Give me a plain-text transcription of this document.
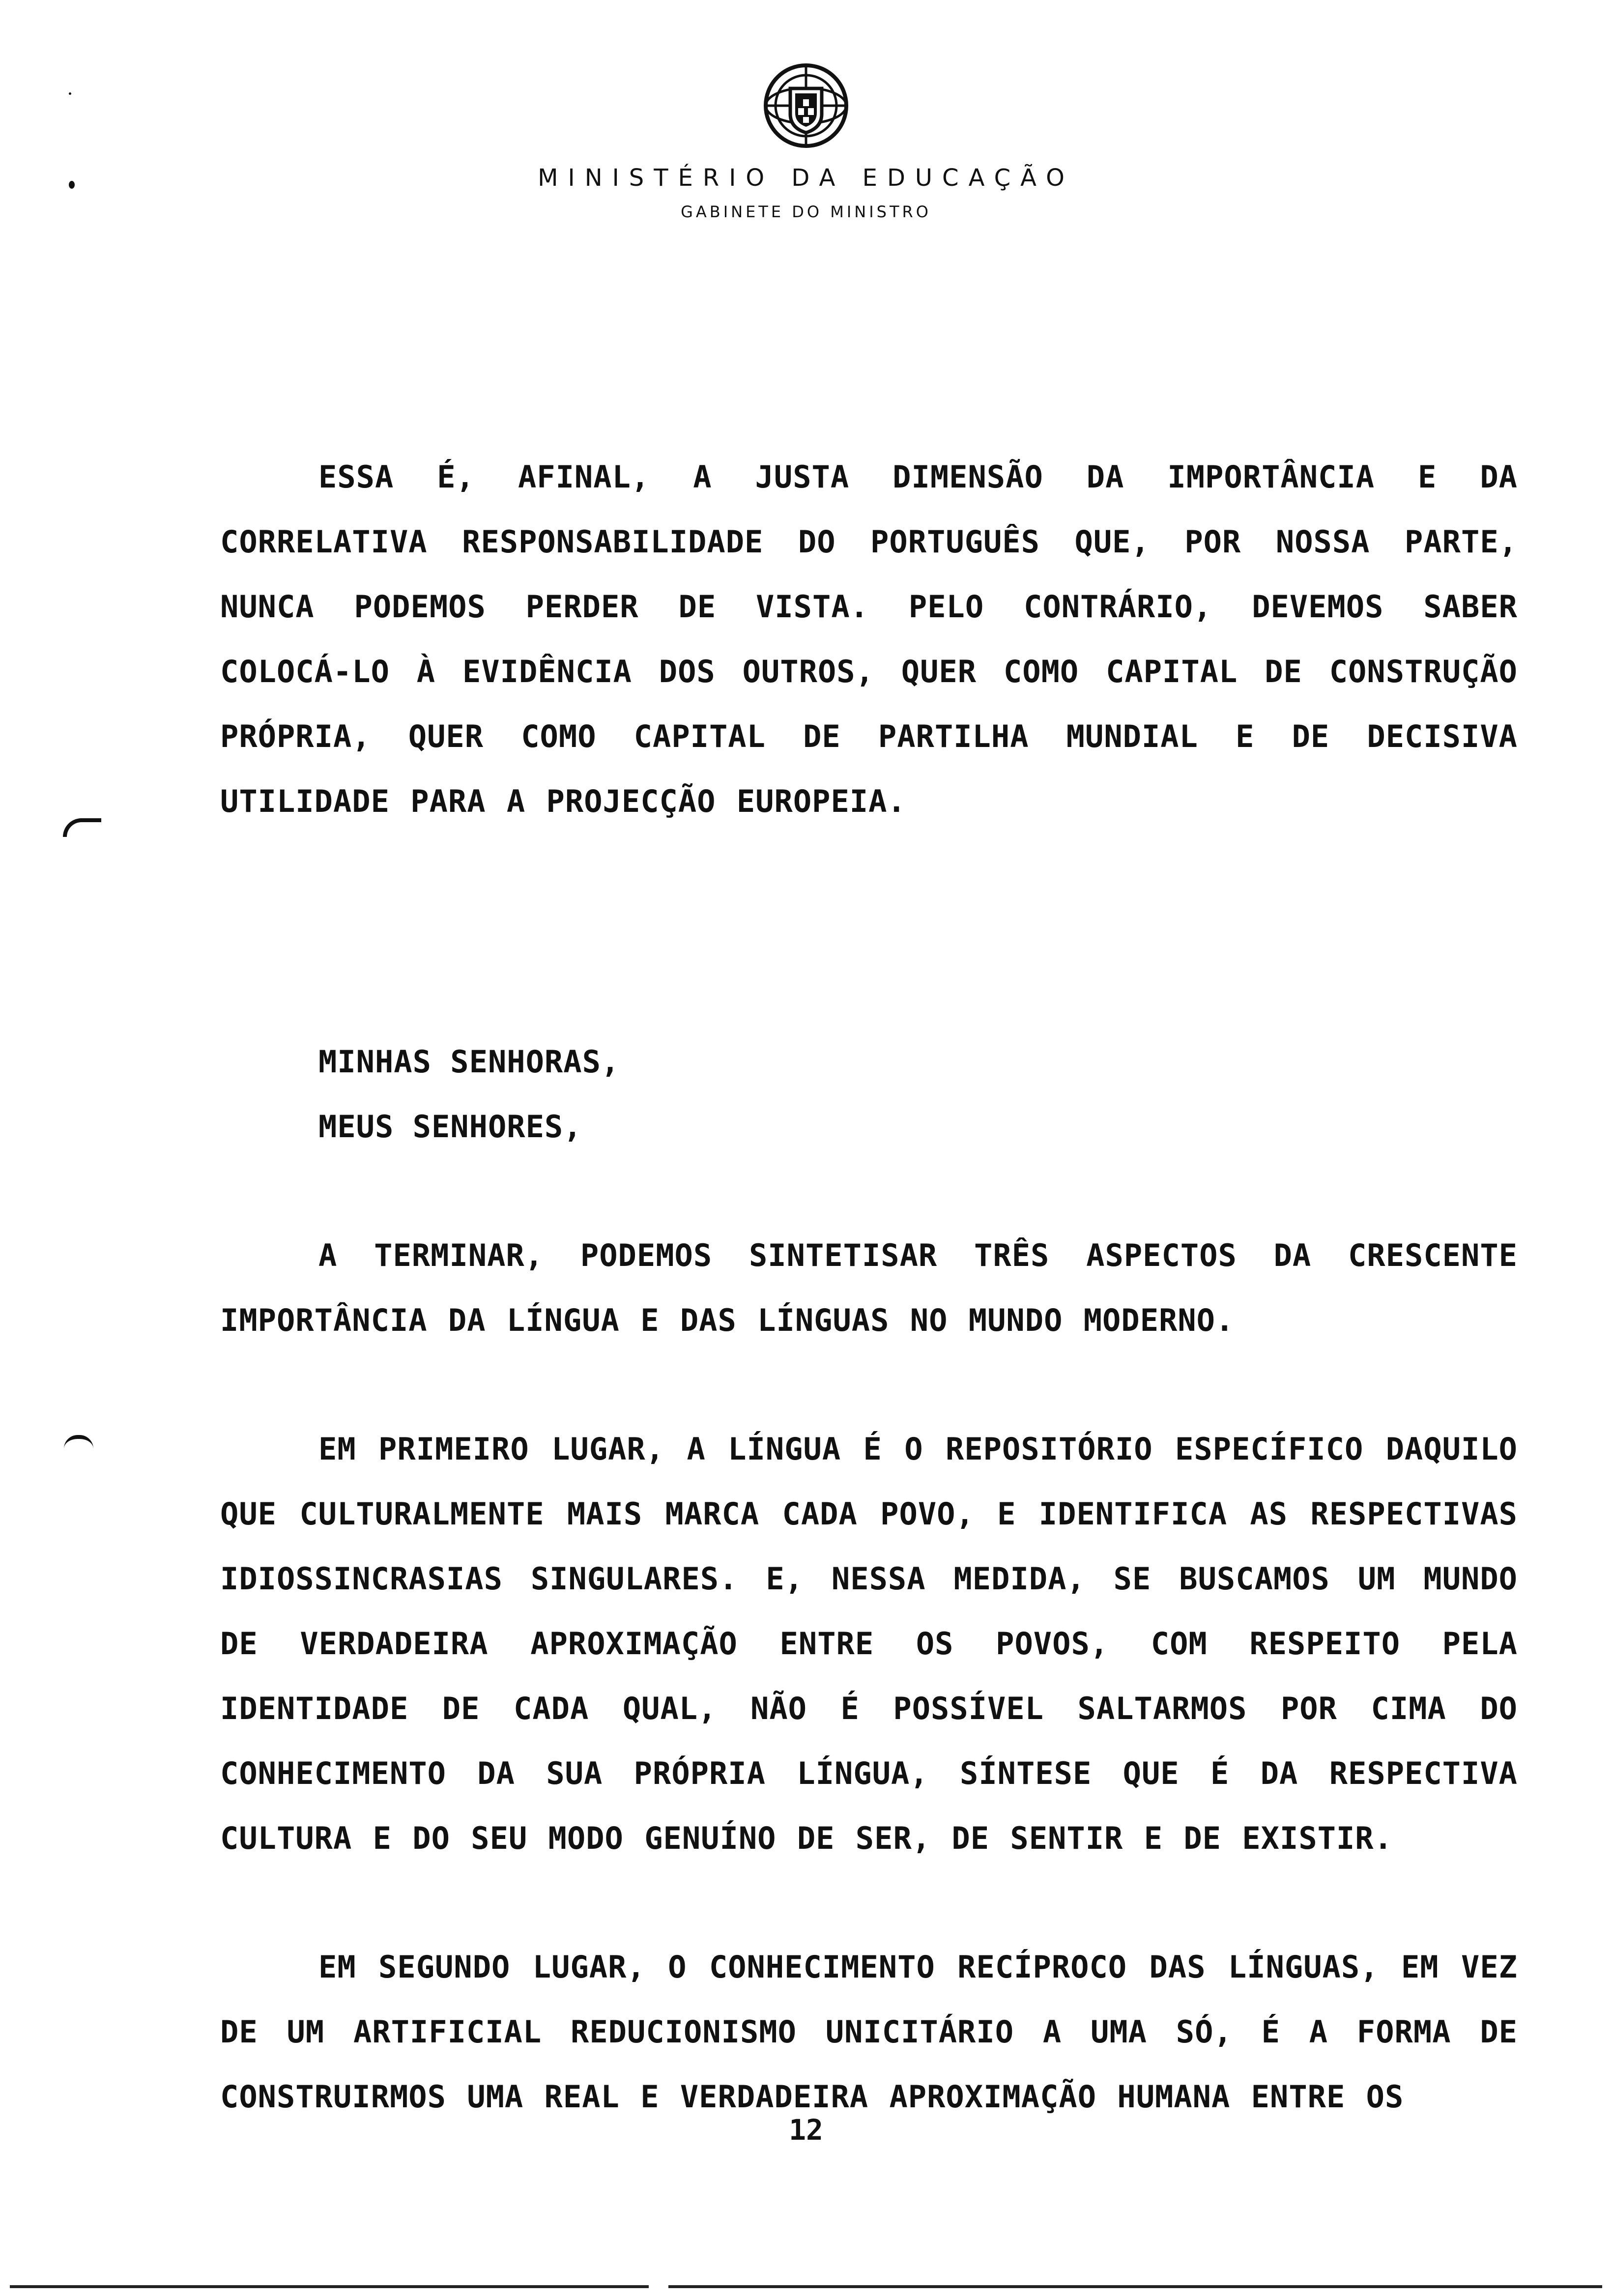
MINISTÉRIO DA EDUCAÇÃO
GABINETE DO MINISTRO

ESSA É, AFINAL, A JUSTA DIMENSÃO DA IMPORTÂNCIA E DA CORRELATIVA RESPONSABILIDADE DO PORTUGUÊS QUE, POR NOSSA PARTE, NUNCA PODEMOS PERDER DE VISTA. PELO CONTRÁRIO, DEVEMOS SABER COLOCÁ-LO À EVIDÊNCIA DOS OUTROS, QUER COMO CAPITAL DE CONSTRUÇÃO PRÓPRIA, QUER COMO CAPITAL DE PARTILHA MUNDIAL E DE DECISIVA UTILIDADE PARA A PROJECÇÃO EUROPEIA.

MINHAS SENHORAS,
MEUS SENHORES,

A TERMINAR, PODEMOS SINTETISAR TRÊS ASPECTOS DA CRESCENTE IMPORTÂNCIA DA LÍNGUA E DAS LÍNGUAS NO MUNDO MODERNO.

EM PRIMEIRO LUGAR, A LÍNGUA É O REPOSITÓRIO ESPECÍFICO DAQUILO QUE CULTURALMENTE MAIS MARCA CADA POVO, E IDENTIFICA AS RESPECTIVAS IDIOSSINCRASIAS SINGULARES. E, NESSA MEDIDA, SE BUSCAMOS UM MUNDO DE VERDADEIRA APROXIMAÇÃO ENTRE OS POVOS, COM RESPEITO PELA IDENTIDADE DE CADA QUAL, NÃO É POSSÍVEL SALTARMOS POR CIMA DO CONHECIMENTO DA SUA PRÓPRIA LÍNGUA, SÍNTESE QUE É DA RESPECTIVA CULTURA E DO SEU MODO GENUÍNO DE SER, DE SENTIR E DE EXISTIR.

EM SEGUNDO LUGAR, O CONHECIMENTO RECÍPROCO DAS LÍNGUAS, EM VEZ DE UM ARTIFICIAL REDUCIONISMO UNICITÁRIO A UMA SÓ, É A FORMA DE CONSTRUIRMOS UMA REAL E VERDADEIRA APROXIMAÇÃO HUMANA ENTRE OS

12
